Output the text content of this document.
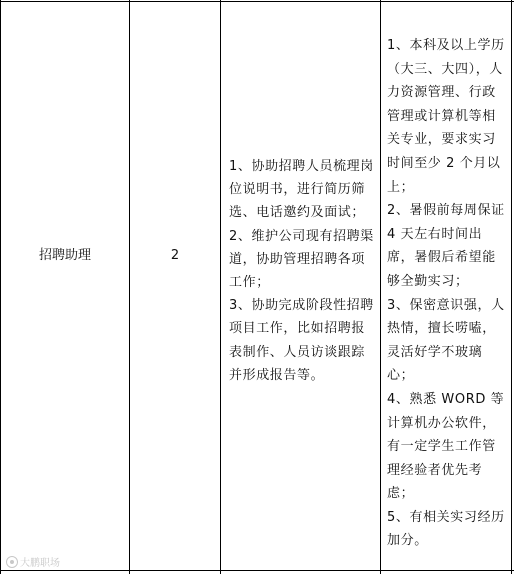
招聘助理	2

1、协助招聘人员梳理岗位说明书，进行简历筛选、电话邀约及面试；

2、维护公司现有招聘渠道，协助管理招聘各项工作；

3、协助完成阶段性招聘项目工作，比如招聘报表制作、人员访谈跟踪并形成报告等。

1、本科及以上学历（大三、大四），人力资源管理、行政管理或计算机等相关专业，要求实习时间至少 2 个月以上；

2、暑假前每周保证 4 天左右时间出席，暑假后希望能够全勤实习；

3、保密意识强，人热情，擅长唠嗑，灵活好学不玻璃心；

4、熟悉 WORD 等计算机办公软件，有一定学生工作管理经验者优先考虑；

5、有相关实习经历加分。

大鹏职场
